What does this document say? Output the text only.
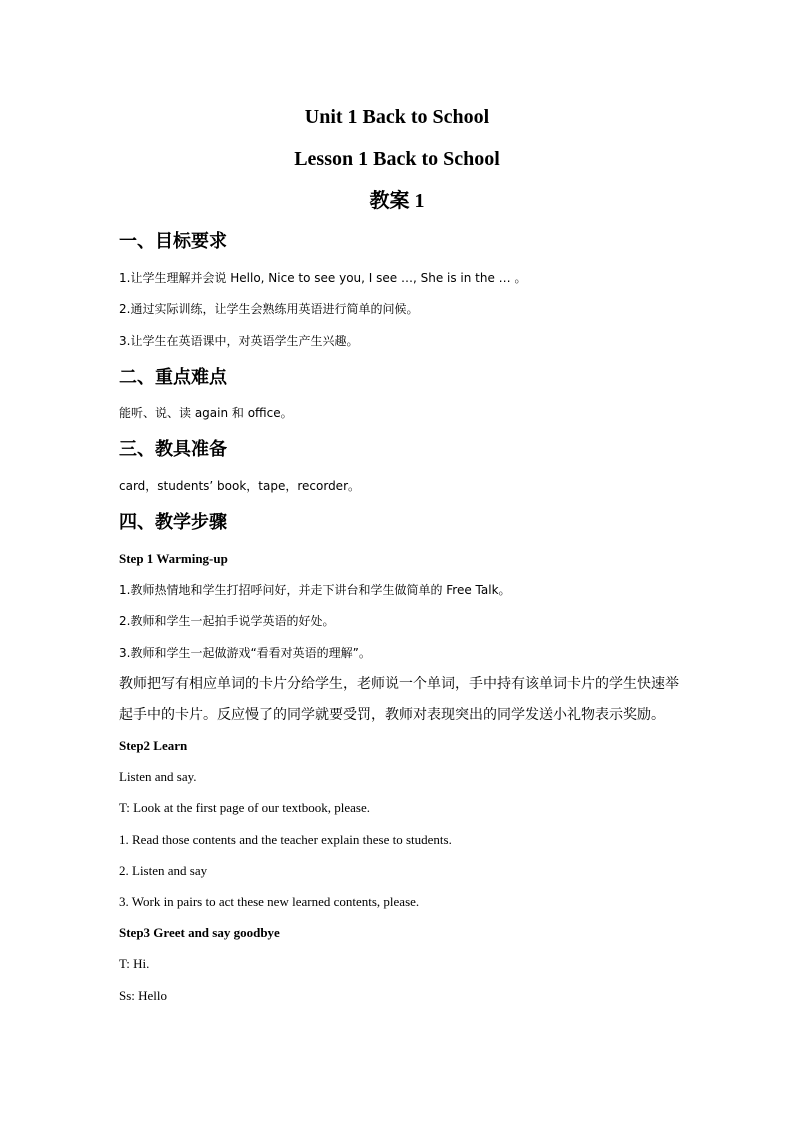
Unit 1 Back to School
Lesson 1 Back to School
教案 1
一、目标要求
1.让学生理解并会说 Hello, Nice to see you, I see …, She is in the … 。
2.通过实际训练，让学生会熟练用英语进行简单的问候。
3.让学生在英语课中，对英语学生产生兴趣。
二、重点难点
能听、说、读 again 和 office。
三、教具准备
card，students’ book，tape，recorder。
四、教学步骤
Step 1 Warming-up
1.教师热情地和学生打招呼问好，并走下讲台和学生做简单的 Free Talk。
2.教师和学生一起拍手说学英语的好处。
3.教师和学生一起做游戏“看看对英语的理解”。
教师把写有相应单词的卡片分给学生，老师说一个单词，手中持有该单词卡片的学生快速举
起手中的卡片。反应慢了的同学就要受罚，教师对表现突出的同学发送小礼物表示奖励。
Step2 Learn
Listen and say.
T: Look at the first page of our textbook, please.
1. Read those contents and the teacher explain these to students.
2. Listen and say
3. Work in pairs to act these new learned contents, please.
Step3 Greet and say goodbye
T: Hi.
Ss: Hello
